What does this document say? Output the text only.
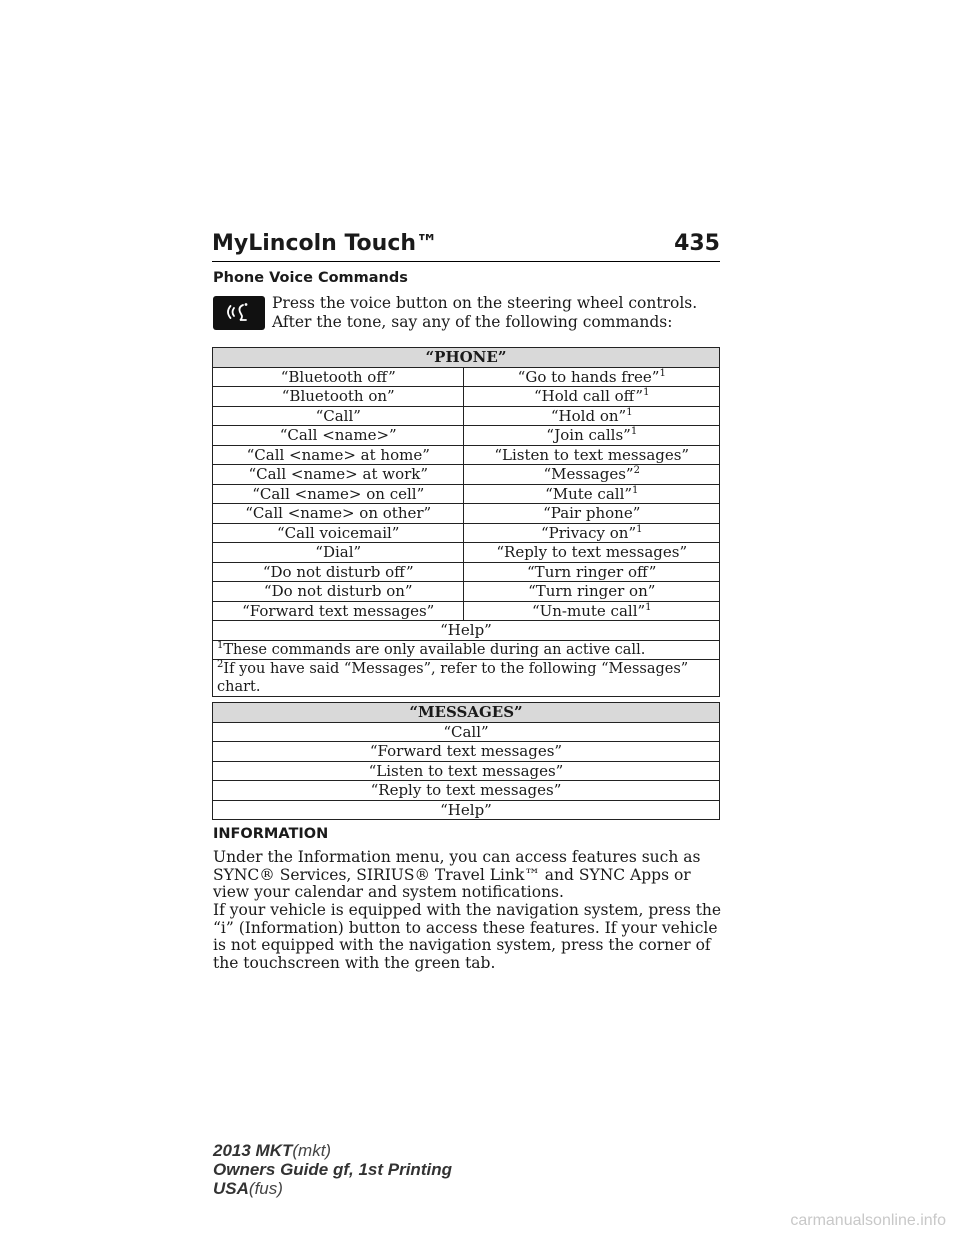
MyLincoln Touch™	435
Phone Voice Commands
Press the voice button on the steering wheel controls. After the tone, say any of the following commands:
“PHONE”	
“Bluetooth off”	“Go to hands free”$^1$
“Bluetooth on”	“Hold call off”$^1$
“Call”	“Hold on”$^1$
“Call <name>”	“Join calls”$^1$
“Call <name> at home”	“Listen to text messages”
“Call <name> at work”	“Messages”$^2$
“Call <name> on cell”	“Mute call”$^1$
“Call <name> on other”	“Pair phone”
“Call voicemail”	“Privacy on”$^1$
“Dial”	“Reply to text messages”
“Do not disturb off”	“Turn ringer off”
“Do not disturb on”	“Turn ringer on”
“Forward text messages”	“Un-mute call”$^1$
“Help”	
$^1$These commands are only available during an active call.	
$^2$If you have said “Messages”, refer to the following “Messages” chart.	
“MESSAGES”
“Call”
“Forward text messages”
“Listen to text messages”
“Reply to text messages”
“Help”
INFORMATION
Under the Information menu, you can access features such as SYNC® Services, SIRIUS® Travel Link™ and SYNC Apps or view your calendar and system notifications.
If your vehicle is equipped with the navigation system, press the “i” (Information) button to access these features. If your vehicle is not equipped with the navigation system, press the corner of the touchscreen with the green tab.
2013 MKT(mkt)
Owners Guide gf, 1st Printing
USA(fus)
carmanualsonline.info
